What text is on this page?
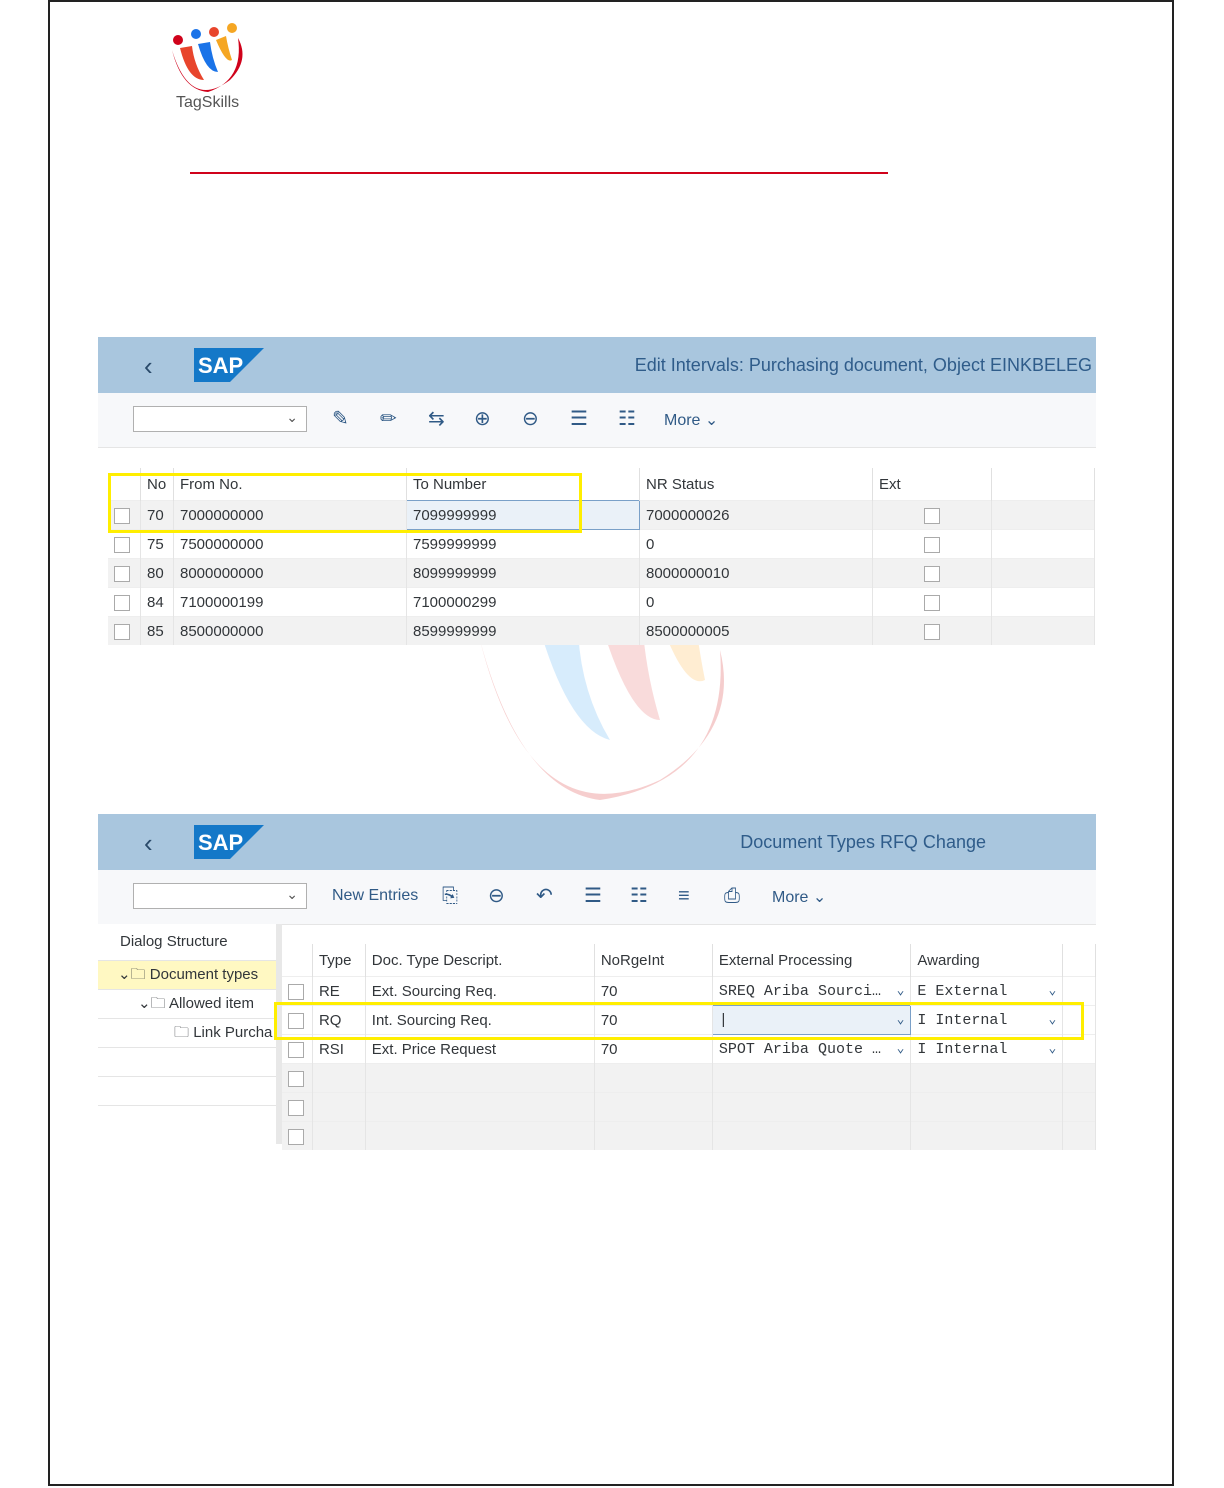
TagSkills
‹ SAP	Edit Intervals: Purchasing document, Object EINKBELEG
⌄ ✎ ✏ ⇆ ⊕ ⊖ ☰ ☷ More ⌄
	No	From No.	To Number	NR Status	Ext	
	70	7000000000	7099999999	7000000026		
	75	7500000000	7599999999	0		
	80	8000000000	8099999999	8000000010		
	84	7100000199	7100000299	0		
	85	8500000000	8599999999	8500000005		
‹ SAP	Document Types RFQ Change
⌄ New Entries ⎘ ⊖ ↶ ☰ ☷ ≡ ⎙ More ⌄
Dialog Structure
⌄🗀 Document types
⌄🗀 Allowed item
🗀 Link Purcha
	Type	Doc. Type Descript.	NoRgeInt	External Processing	Awarding	
	RE	Ext. Sourcing Req.	70	SREQ Ariba Sourci… ⌄	E External ⌄	

	RQ	Int. Sourcing Req.	70	| ⌄	I Internal ⌄	

	RSI	Ext. Price Request	70	SPOT Ariba Quote … ⌄	I Internal ⌄	
